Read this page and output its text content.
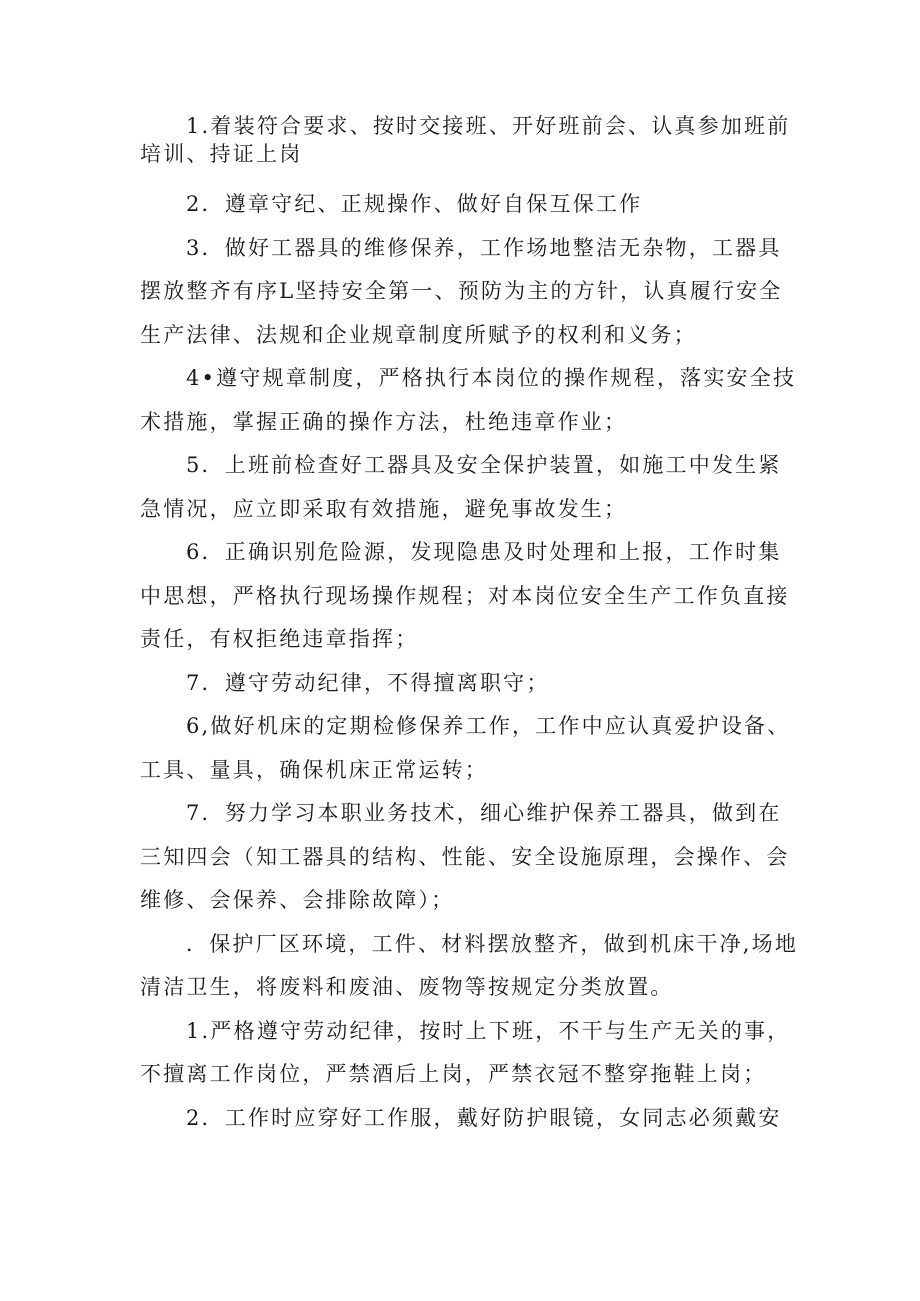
1.着装符合要求、按时交接班、开好班前会、认真参加班前培训、持证上岗

2．遵章守纪、正规操作、做好自保互保工作

3．做好工器具的维修保养，工作场地整洁无杂物，工器具摆放整齐有序L坚持安全第一、预防为主的方针，认真履行安全生产法律、法规和企业规章制度所赋予的权利和义务；

4•遵守规章制度，严格执行本岗位的操作规程，落实安全技术措施，掌握正确的操作方法，杜绝违章作业；

5．上班前检查好工器具及安全保护装置，如施工中发生紧急情况，应立即采取有效措施，避免事故发生；

6．正确识别危险源，发现隐患及时处理和上报，工作时集中思想，严格执行现场操作规程；对本岗位安全生产工作负直接责任，有权拒绝违章指挥；

7．遵守劳动纪律，不得擅离职守；

6,做好机床的定期检修保养工作，工作中应认真爱护设备、工具、量具，确保机床正常运转；

7．努力学习本职业务技术，细心维护保养工器具，做到在三知四会（知工器具的结构、性能、安全设施原理，会操作、会维修、会保养、会排除故障）；

．保护厂区环境，工件、材料摆放整齐，做到机床干净,场地清洁卫生，将废料和废油、废物等按规定分类放置。

1.严格遵守劳动纪律，按时上下班，不干与生产无关的事，不擅离工作岗位，严禁酒后上岗，严禁衣冠不整穿拖鞋上岗；

2．工作时应穿好工作服，戴好防护眼镜，女同志必须戴安
